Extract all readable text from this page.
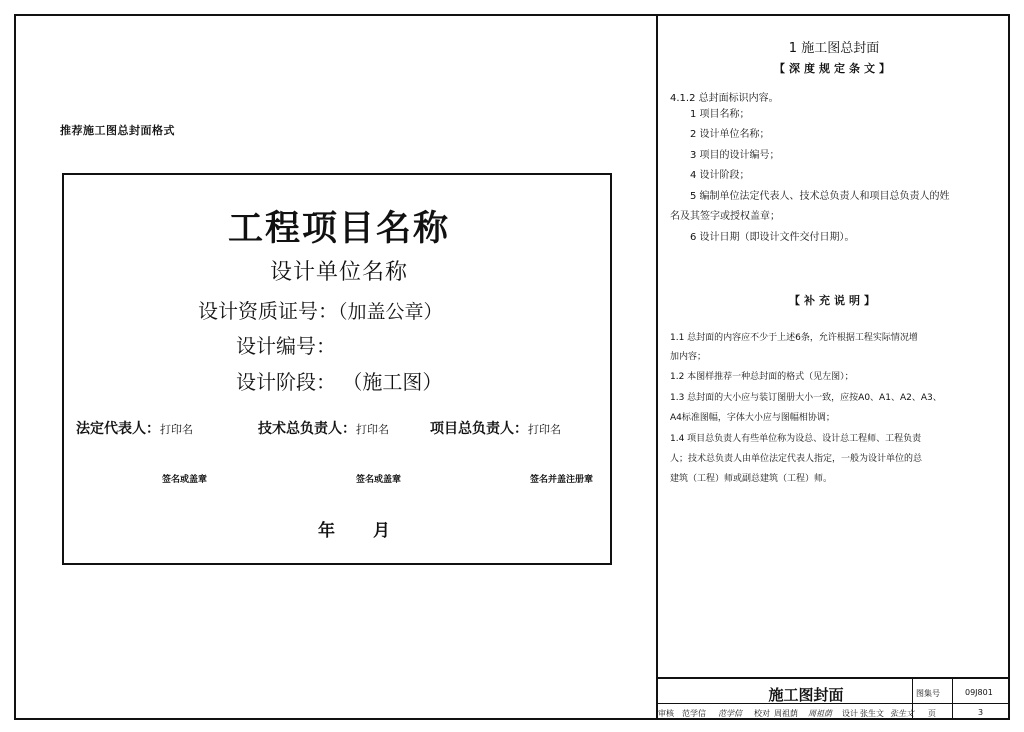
推荐施工图总封面格式
工程项目名称
设计单位名称
设计资质证号：（加盖公章）
设计编号：
设计阶段： （施工图）
法定代表人：打印名	技术总负责人：打印名	项目总负责人：打印名
签名或盖章	签名或盖章	签名并盖注册章
年 月
1 施工图总封面
【深度规定条文】
4.1.2 总封面标识内容。
1 项目名称；
2 设计单位名称；
3 项目的设计编号；
4 设计阶段；
5 编制单位法定代表人、技术总负责人和项目总负责人的姓
名及其签字或授权盖章；
6 设计日期（即设计文件交付日期）。
【补充说明】
1.1 总封面的内容应不少于上述6条，允许根据工程实际情况增
加内容；
1.2 本图样推荐一种总封面的格式（见左图）；
1.3 总封面的大小应与装订图册大小一致，应按A0、A1、A2、A3、
A4标准图幅，字体大小应与图幅相协调；
1.4 项目总负责人有些单位称为设总、设计总工程师、工程负责
人；技术总负责人由单位法定代表人指定，一般为设计单位的总
建筑（工程）师或副总建筑（工程）师。
施工图封面	图集号	09J801
审核 范学信 范学信 校对 周祖荫 周祖荫 设计 张生文 张生文 页	3
